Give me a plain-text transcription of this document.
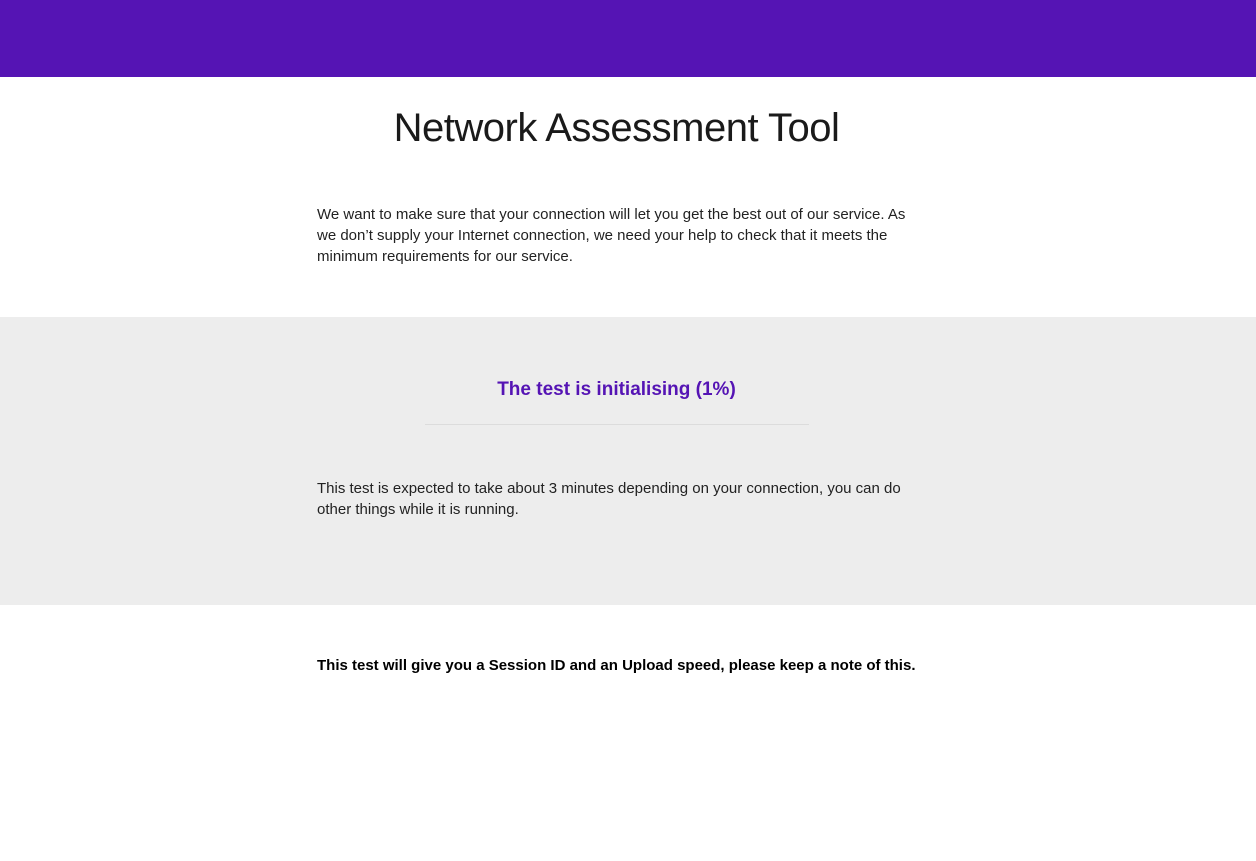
Network Assessment Tool

We want to make sure that your connection will let you get the best out of our service. As we don’t supply your Internet connection, we need your help to check that it meets the minimum requirements for our service.

The test is initialising (1%)

This test is expected to take about 3 minutes depending on your connection, you can do other things while it is running.

This test will give you a Session ID and an Upload speed, please keep a note of this.
